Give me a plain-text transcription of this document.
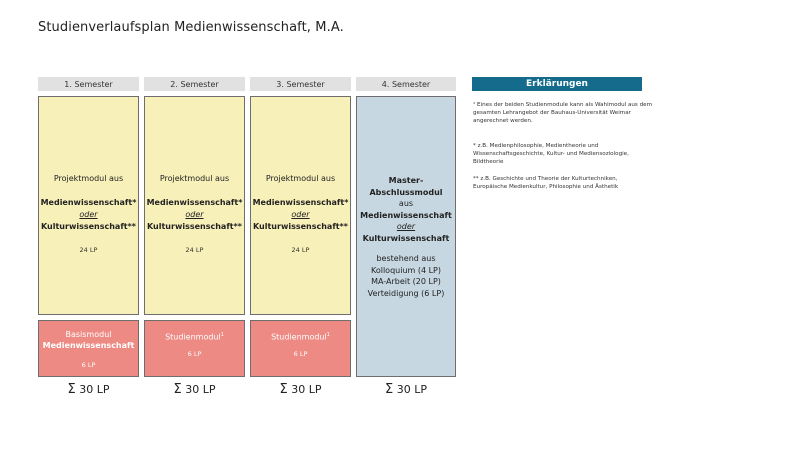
Studienverlaufsplan Medienwissenschaft, M.A.
1. Semester	2. Semester	3. Semester	4. Semester
Projektmodul aus
Medienwissenschaft*
oder
Kulturwissenschaft**
24 LP
Projektmodul aus
Medienwissenschaft*
oder
Kulturwissenschaft**
24 LP
Projektmodul aus
Medienwissenschaft*
oder
Kulturwissenschaft**
24 LP
Basismodul
Medienwissenschaft
6 LP
Studienmodul$^1$
6 LP
Studienmodul$^1$
6 LP
Master-
Abschlussmodul
aus
Medienwissenschaft
oder
Kulturwissenschaft
bestehend aus
Kolloquium (4 LP)
MA-Arbeit (20 LP)
Verteidigung (6 LP)
Σ 30 LP	Σ 30 LP	Σ 30 LP	Σ 30 LP
Erklärungen
¹ Eines der beiden Studienmodule kann als Wahlmodul aus dem gesamten Lehrangebot der Bauhaus-Universität Weimar angerechnet werden.
* z.B. Medienphilosophie, Medientheorie und Wissenschaftsgeschichte, Kultur- und Mediensoziologie, Bildtheorie
** z.B. Geschichte und Theorie der Kulturtechniken, Europäische Medienkultur, Philosophie und Ästhetik
